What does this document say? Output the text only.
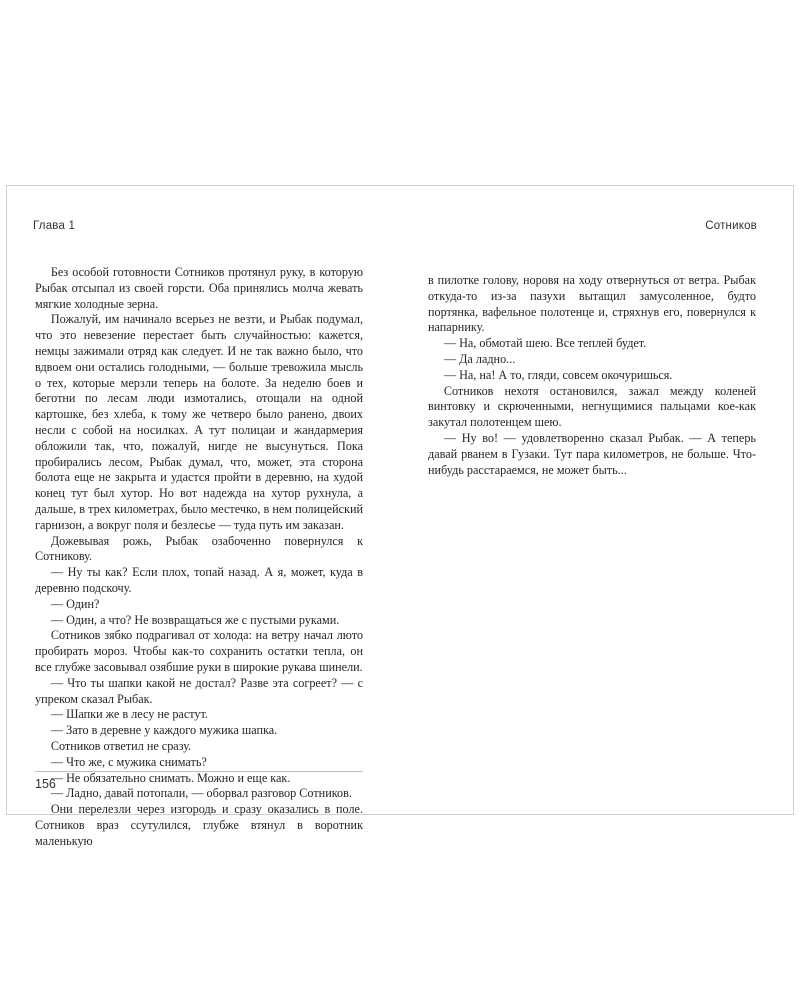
Глава 1	Сотников

Без особой готовности Сотников протянул руку, в которую Рыбак отсыпал из своей горсти. Оба принялись молча жевать мягкие холодные зерна.

Пожалуй, им начинало всерьез не везти, и Рыбак подумал, что это невезение перестает быть случайностью: кажется, немцы зажимали отряд как следует. И не так важно было, что вдвоем они остались голодными, — больше тревожила мысль о тех, которые мерзли теперь на болоте. За неделю боев и беготни по лесам люди измотались, отощали на одной картошке, без хлеба, к тому же четверо было ранено, двоих несли с собой на носилках. А тут полицаи и жандармерия обложили так, что, пожалуй, нигде не высунуться. Пока пробирались лесом, Рыбак думал, что, может, эта сторона болота еще не закрыта и удастся пройти в деревню, на худой конец тут был хутор. Но вот надежда на хутор рухнула, а дальше, в трех километрах, было местечко, в нем полицейский гарнизон, а вокруг поля и безлесье — туда путь им заказан.

Дожевывая рожь, Рыбак озабоченно повернулся к Сотникову.

— Ну ты как? Если плох, топай назад. А я, может, куда в деревню подскочу.

— Один?

— Один, а что? Не возвращаться же с пустыми руками.

Сотников зябко подрагивал от холода: на ветру начал люто пробирать мороз. Чтобы как-то сохранить остатки тепла, он все глубже засовывал озябшие руки в широкие рукава шинели.

— Что ты шапки какой не достал? Разве эта согреет? — с упреком сказал Рыбак.

— Шапки же в лесу не растут.

— Зато в деревне у каждого мужика шапка.

Сотников ответил не сразу.

— Что же, с мужика снимать?

— Не обязательно снимать. Можно и еще как.

— Ладно, давай потопали, — оборвал разговор Сотников.

Они перелезли через изгородь и сразу оказались в поле. Сотников враз ссутулился, глубже втянул в воротник маленькую

156

в пилотке голову, норовя на ходу отвернуться от ветра. Рыбак откуда-то из-за пазухи вытащил замусоленное, будто портянка, вафельное полотенце и, стряхнув его, повернулся к напарнику.

— На, обмотай шею. Все теплей будет.

— Да ладно...

— На, на! А то, гляди, совсем окочуришься.

Сотников нехотя остановился, зажал между коленей винтовку и скрюченными, негнущимися пальцами кое-как закутал полотенцем шею.

— Ну во! — удовлетворенно сказал Рыбак. — А теперь давай рванем в Гузаки. Тут пара километров, не больше. Что-нибудь расстараемся, не может быть...
